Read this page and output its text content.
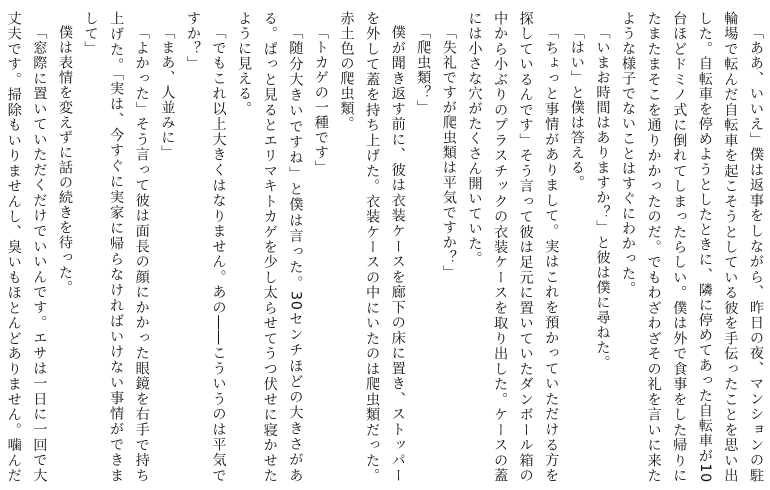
「ああ、いいえ」僕は返事をしながら、昨日の夜、マンションの駐輪場で転んだ自転車を起こそうとしている彼を手伝ったことを思い出した。自転車を停めようとしたときに、隣に停めてあった自転車が10台ほどドミノ式に倒れてしまったらしい。僕は外で食事をした帰りにたまたまそこを通りかかったのだ。でもわざわざその礼を言いに来たような様子でないことはすぐにわかった。

「いまお時間はありますか？」と彼は僕に尋ねた。

「はい」と僕は答える。

「ちょっと事情がありまして。実はこれを預かっていただける方を探しているんです」そう言って彼は足元に置いていたダンボール箱の中から小ぶりのプラスチックの衣装ケースを取り出した。ケースの蓋には小さな穴がたくさん開いていた。

「失礼ですが爬虫類は平気ですか？」

「爬虫類？」

僕が聞き返す前に、彼は衣装ケースを廊下の床に置き、ストッパーを外して蓋を持ち上げた。衣装ケースの中にいたのは爬虫類だった。赤土色の爬虫類。

「トカゲの一種です」

「随分大きいですね」と僕は言った。30センチほどの大きさがある。ぱっと見るとエリマキトカゲを少し太らせてうつ伏せに寝かせたように見える。

「でもこれ以上大きくはなりません。あの――こういうのは平気ですか？」

「まあ、人並みに」

「よかった」そう言って彼は面長の顔にかかった眼鏡を右手で持ち上げた。「実は、今すぐに実家に帰らなければいけない事情ができまして」

僕は表情を変えずに話の続きを待った。

「窓際に置いていただくだけでいいんです。エサは一日に一回で大丈夫です。掃除もいりませんし、臭いもほとんどありません。噛んだ
